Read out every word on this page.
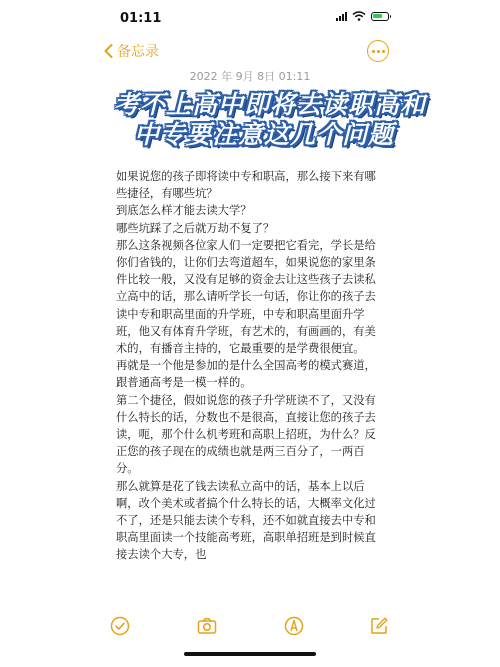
01:11
备忘录
2022 年 9月 8日 01:11
考不上高中即将去读职高和
中专要注意这几个问题

如果说您的孩子即将读中专和职高，那么接下来有哪些捷径，有哪些坑？

到底怎么样才能去读大学？

哪些坑踩了之后就万劫不复了？

那么这条视频各位家人们一定要把它看完，学长是给你们省钱的，让你们去弯道超车，如果说您的家里条件比较一般，又没有足够的资金去让这些孩子去读私立高中的话，那么请听学长一句话，你让你的孩子去读中专和职高里面的升学班，中专和职高里面升学班，他又有体育升学班，有艺术的，有画画的，有美术的，有播音主持的，它最重要的是学费很便宜。

再就是一个他是参加的是什么全国高考的模式赛道，跟普通高考是一模一样的。

第二个捷径，假如说您的孩子升学班读不了，又没有什么特长的话，分数也不是很高，直接让您的孩子去读，呃，那个什么机考班和高职上招班，为什么？反正您的孩子现在的成绩也就是两三百分了，一两百分。

那么就算是花了钱去读私立高中的话，基本上以后啊，改个美术或者搞个什么特长的话，大概率文化过不了，还是只能去读个专科，还不如就直接去中专和职高里面读一个技能高考班，高职单招班是到时候直接去读个大专，也
